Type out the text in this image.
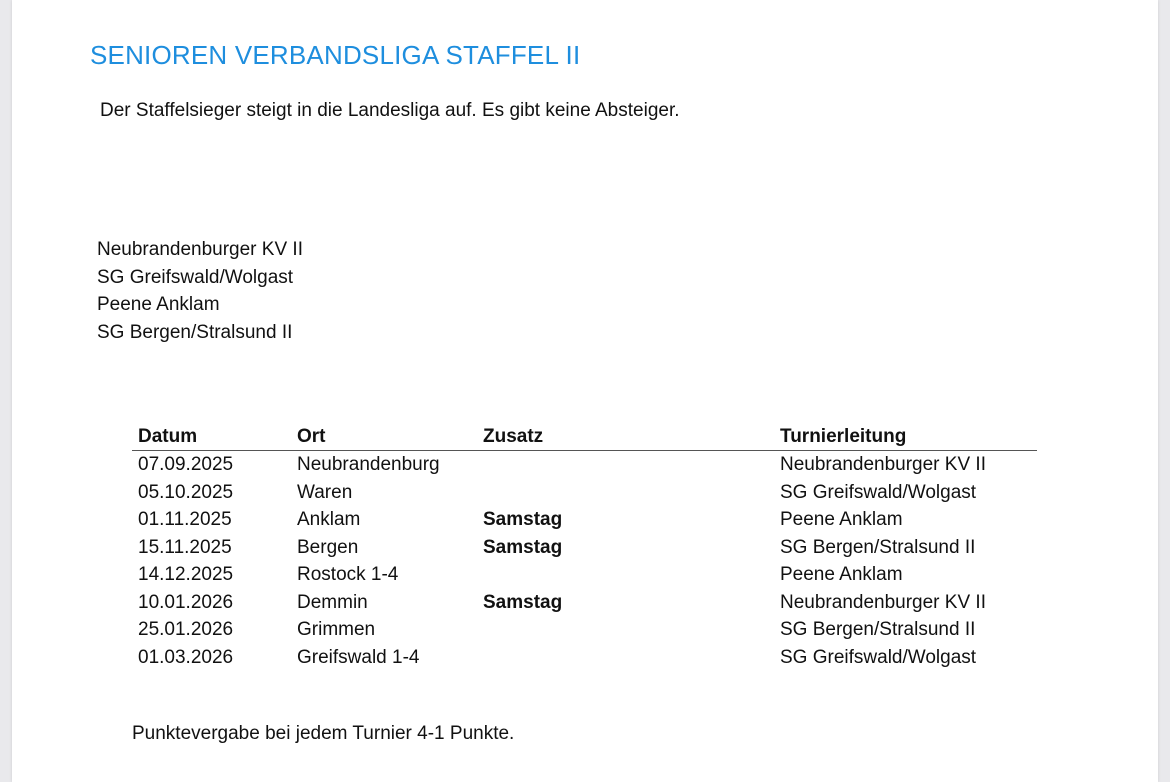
SENIOREN VERBANDSLIGA STAFFEL II
Der Staffelsieger steigt in die Landesliga auf. Es gibt keine Absteiger.
Neubrandenburger KV II
SG Greifswald/Wolgast
Peene Anklam
SG Bergen/Stralsund II
Datum	Ort	Zusatz	Turnierleitung
07.09.2025	Neubrandenburg		Neubrandenburger KV II
05.10.2025	Waren		SG Greifswald/Wolgast
01.11.2025	Anklam	Samstag	Peene Anklam
15.11.2025	Bergen	Samstag	SG Bergen/Stralsund II
14.12.2025	Rostock 1-4		Peene Anklam
10.01.2026	Demmin	Samstag	Neubrandenburger KV II
25.01.2026	Grimmen		SG Bergen/Stralsund II
01.03.2026	Greifswald 1-4		SG Greifswald/Wolgast
Punktevergabe bei jedem Turnier 4-1 Punkte.
